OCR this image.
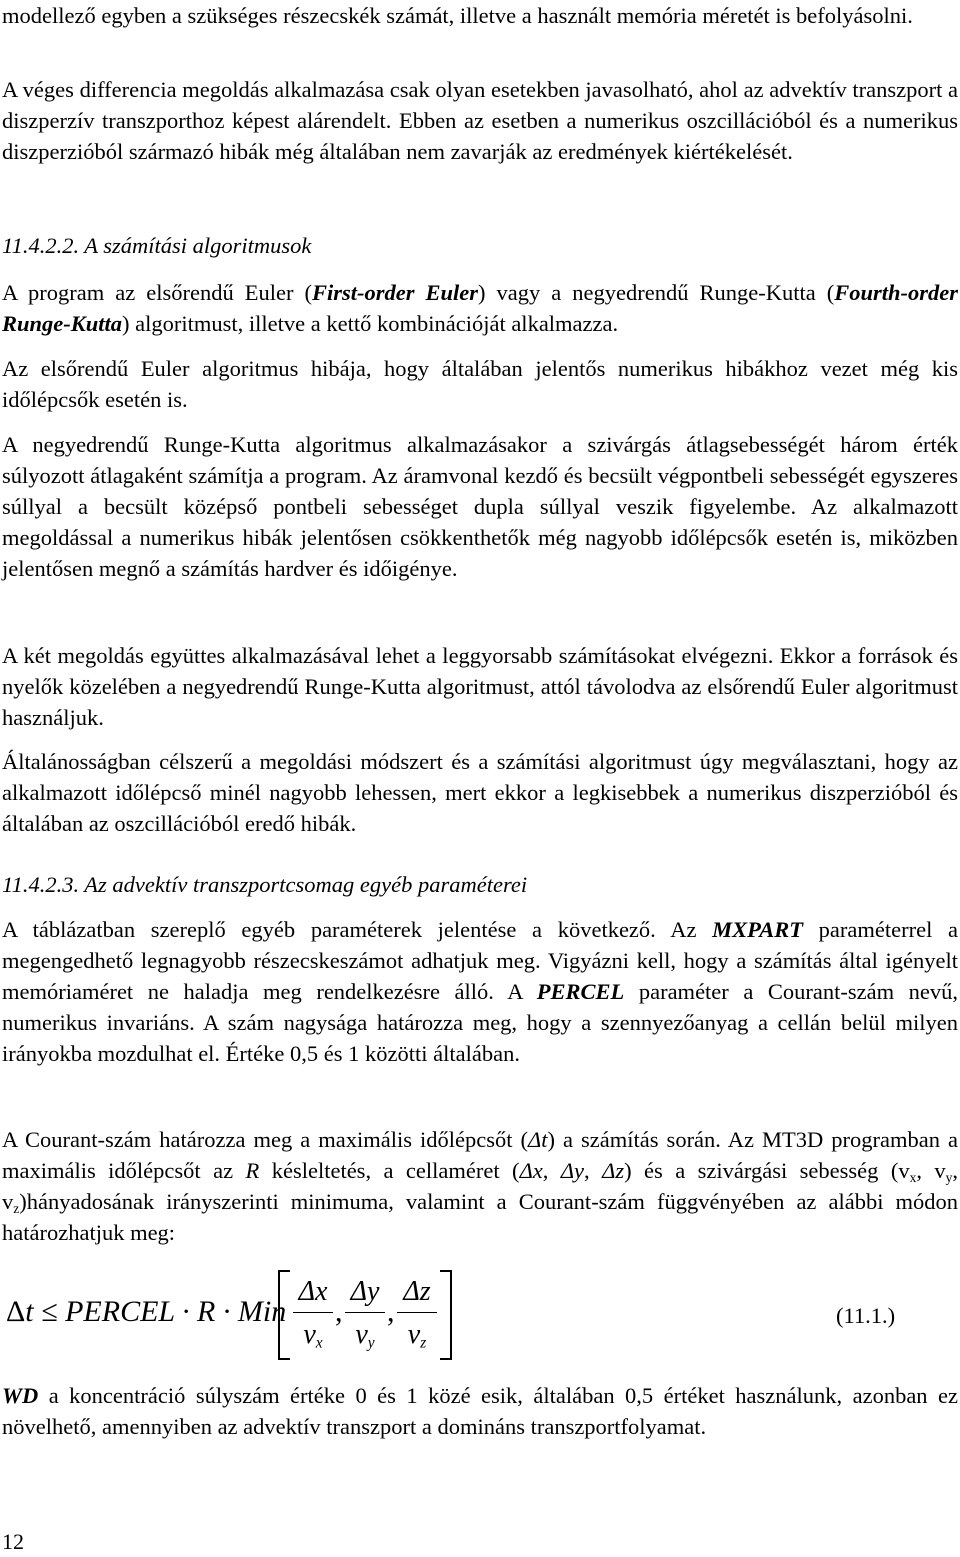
modellező egyben a szükséges részecskék számát, illetve a használt memória méretét is befolyásolni.

A véges differencia megoldás alkalmazása csak olyan esetekben javasolható, ahol az advektív transzport a diszperzív transzporthoz képest alárendelt. Ebben az esetben a numerikus oszcillációból és a numerikus diszperzióból származó hibák még általában nem zavarják az eredmények kiértékelését.

11.4.2.2. A számítási algoritmusok

A program az elsőrendű Euler (First-order Euler) vagy a negyedrendű Runge-Kutta (Fourth-order Runge-Kutta) algoritmust, illetve a kettő kombinációját alkalmazza.

Az elsőrendű Euler algoritmus hibája, hogy általában jelentős numerikus hibákhoz vezet még kis időlépcsők esetén is.

A negyedrendű Runge-Kutta algoritmus alkalmazásakor a szivárgás átlagsebességét három érték súlyozott átlagaként számítja a program. Az áramvonal kezdő és becsült végpontbeli sebességét egyszeres súllyal a becsült középső pontbeli sebességet dupla súllyal veszik figyelembe. Az alkalmazott megoldással a numerikus hibák jelentősen csökkenthetők még nagyobb időlépcsők esetén is, miközben jelentősen megnő a számítás hardver és időigénye.

A két megoldás együttes alkalmazásával lehet a leggyorsabb számításokat elvégezni. Ekkor a források és nyelők közelében a negyedrendű Runge-Kutta algoritmust, attól távolodva az elsőrendű Euler algoritmust használjuk.

Általánosságban célszerű a megoldási módszert és a számítási algoritmust úgy megválasztani, hogy az alkalmazott időlépcső minél nagyobb lehessen, mert ekkor a legkisebbek a numerikus diszperzióból és általában az oszcillációból eredő hibák.

11.4.2.3. Az advektív transzportcsomag egyéb paraméterei

A táblázatban szereplő egyéb paraméterek jelentése a következő. Az MXPART paraméterrel a megengedhető legnagyobb részecskeszámot adhatjuk meg. Vigyázni kell, hogy a számítás által igényelt memóriaméret ne haladja meg rendelkezésre álló. A PERCEL paraméter a Courant-szám nevű, numerikus invariáns. A szám nagysága határozza meg, hogy a szennyezőanyag a cellán belül milyen irányokba mozdulhat el. Értéke 0,5 és 1 közötti általában.

A Courant-szám határozza meg a maximális időlépcsőt (Δt) a számítás során. Az MT3D programban a maximális időlépcsőt az R késleltetés, a cellaméret (Δx, Δy, Δz) és a szivárgási sebesség ($v_x$, $v_y$, $v_z)hányadosának$ irányszerinti minimuma, valamint a Courant-szám függvényében az alábbi módon határozhatjuk meg:

Δt ≤ PERCEL · R · Min
Δx
$v_x$
,
Δy
$v_y$
,
Δz
$v_z$
(11.1.)

WD a koncentráció súlyszám értéke 0 és 1 közé esik, általában 0,5 értéket használunk, azonban ez növelhető, amennyiben az advektív transzport a domináns transzportfolyamat.

12
